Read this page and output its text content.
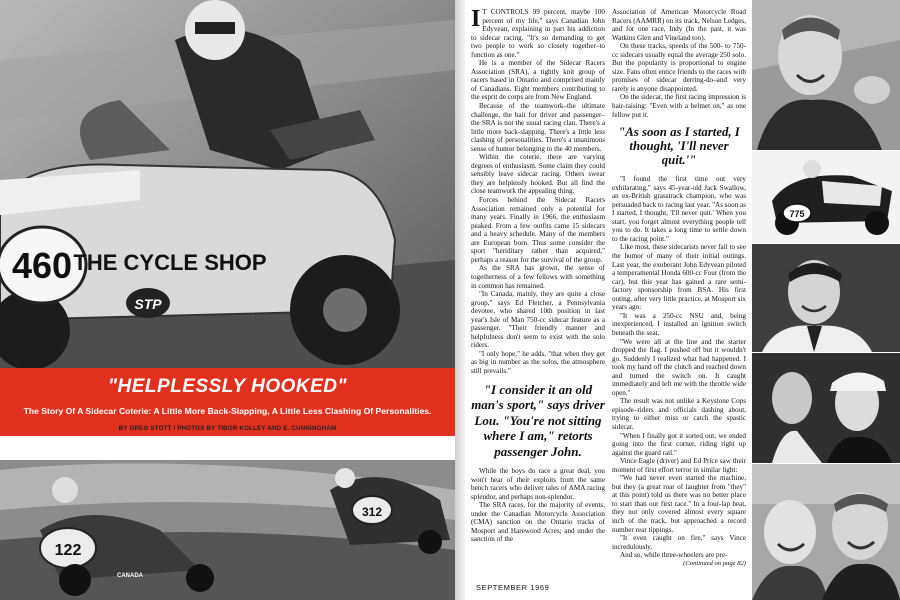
460 THE CYCLE SHOP
STP
"HELPLESSLY HOOKED"
The Story Of A Sidecar Coterie: A Little More Back-Slapping, A Little Less Clashing Of Personalities.
BY GREG STOTT / PHOTOS BY TIBOR KOLLEY AND E. CUNNINGHAM
122
CANADA
312

I T CONTROLS 99 percent, maybe 100 percent of my life," says Canadian John Edyvean, explaining in part his addiction to sidecar racing. "It's so demanding to get two people to work so closely together–to function as one."

He is a member of the Sidecar Racers Association (SRA), a tightly knit group of racers based in Ontario and comprised mainly of Canadians. Eight members contributing to the esprit de corps are from New England.

Because of the teamwork–the ultimate challenge, the bait for driver and passenger–the SRA is not the usual racing clan. There's a little more back-slapping. There's a little less clashing of personalities. There's a unanimous sense of humor belonging to the 40 members.

Within the coterie, there are varying degrees of enthusiasm. Some claim they could sensibly leave sidecar racing. Others swear they are helplessly hooked. But all find the close teamwork the appealing thing.

Forces behind the Sidecar Racers Association remained only a potential for many years. Finally in 1966, the enthusiasm peaked. From a few outfits came 15 sidecars and a heavy schedule. Many of the members are European born. Thus some consider the sport "heriditary rather than acquired," perhaps a reason for the survival of the group.

As the SRA has grown, the sense of togetherness of a few fellows with something in common has remained.

"In Canada, mainly, they are quite a close group," says Ed Fletcher, a Pennsylvania devotee, who shared 10th position in last year's Isle of Man 750-cc sidecar feature as a passenger. "Their friendly manner and helpfulness don't seem to exist with the solo riders.

"I only hope," he adds, "that when they get as big in number as the solos, the atmosphere still prevails."

"I consider it an old man's sport," says driver Lou. "You're not sitting where I am," retorts passenger John.

While the boys do race a great deal, you won't hear of their exploits from the same bench racers who deliver tales of AMA racing splendor, and perhaps non-splendor.

The SRA races, for the majority of events, under the Canadian Motorcycle Association (CMA) sanction on the Ontario tracks of Mosport and Harewood Acres; and under the sanction of the

Association of American Motorcycle Road Racers (AAMRR) on its track, Nelson Ledges, and for one race, Indy (In the past, it was Watkins Glen and Vineland too).

On these tracks, speeds of the 500- to 750-cc sidecars usually equal the average 250 solo. But the popularity is proportional to engine size. Fans often entice friends to the races with promises of sidecar derring-do–and very rarely is anyone disappointed.

On the sidecar, the first racing impression is hair-raising: "Even with a helmet on," as one fellow put it.

"As soon as I started, I thought, 'I'll never quit.'"

"I found the first time out very exhilarating," says 45-year-old Jack Swallow, an ex-British grasstrack champion, who was persuaded back to racing last year. "As soon as I started, I thought, 'I'll never quit.' When you start, you forget almost everything people tell you to do. It takes a long time to settle down to the racing point."

Like most, these sidecarists never fail to see the humor of many of their initial outings. Last year, the exuberant John Edyvean piloted a temperamental Honda 600-cc Four (from the car), but this year has gained a rare semi-factory sponsorship from BSA. His first outing, after very little practice, at Mosport six years ago:

"It was a 250-cc NSU and, being inexperienced, I installed an ignition switch beneath the seat.

"We were all at the line and the starter dropped the flag. I pushed off but it wouldn't go. Suddenly I realized what had happened. I took my hand off the clutch and reached down and turned the switch on. It caught immediately and left me with the throttle wide open."

The result was not unlike a Keystone Cops episode–riders and officials dashing about, trying to either miss or catch the spastic sidecar.

"When I finally got it sorted out, we ended going into the first corner, riding right up against the guard rail."

Vince Eagle (driver) and Ed Price saw their moment of first effort terror in similar light:

"We had never even started the machine, but they (a great roar of laughter from "they" at this point) told us there was no better place to start than our first race." In a four-lap heat, they not only covered almost every square inch of the track, but approached a record number rear tippings.

"It even caught on fire," says Vince incredulously.

And so, while three-wheelers are pre-

(Continued on page 82)

SEPTEMBER 1969
775
